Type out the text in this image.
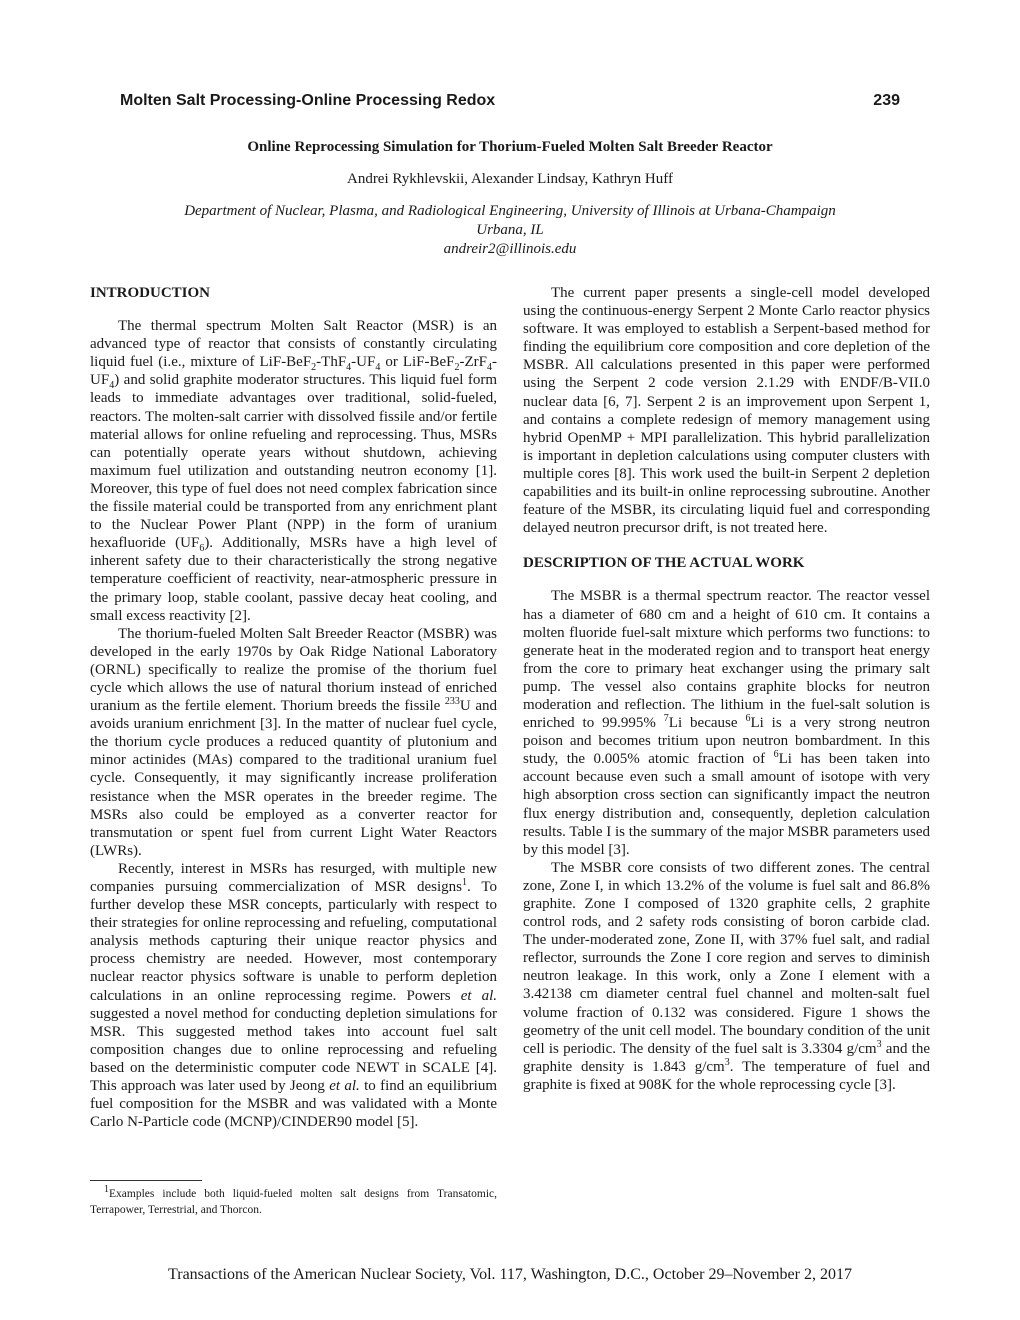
Molten Salt Processing-Online Processing Redox	239

Online Reprocessing Simulation for Thorium-Fueled Molten Salt Breeder Reactor

Andrei Rykhlevskii, Alexander Lindsay, Kathryn Huff
Department of Nuclear, Plasma, and Radiological Engineering, University of Illinois at Urbana-Champaign
Urbana, IL
andreir2@illinois.edu
INTRODUCTION

The thermal spectrum Molten Salt Reactor (MSR) is an advanced type of reactor that consists of constantly circulating liquid fuel (i.e., mixture of LiF-$BeF_2-ThF_4-UF_4$ or LiF-$BeF_2-ZrF_4-UF_4$) and solid graphite moderator structures. This liquid fuel form leads to immediate advantages over traditional, solid-fueled, reactors. The molten-salt carrier with dissolved fissile and/or fertile material allows for online refueling and reprocessing. Thus, MSRs can potentially operate years without shutdown, achieving maximum fuel utilization and outstanding neutron economy [1]. Moreover, this type of fuel does not need complex fabrication since the fissile material could be transported from any enrichment plant to the Nuclear Power Plant (NPP) in the form of uranium hexafluoride $(UF_6)$. Additionally, MSRs have a high level of inherent safety due to their characteristically the strong negative temperature coefficient of reactivity, near-atmospheric pressure in the primary loop, stable coolant, passive decay heat cooling, and small excess reactivity [2].

The thorium-fueled Molten Salt Breeder Reactor (MSBR) was developed in the early 1970s by Oak Ridge National Laboratory (ORNL) specifically to realize the promise of the thorium fuel cycle which allows the use of natural thorium instead of enriched uranium as the fertile element. Thorium breeds the fissile $^{233}$U and avoids uranium enrichment [3]. In the matter of nuclear fuel cycle, the thorium cycle produces a reduced quantity of plutonium and minor actinides (MAs) compared to the traditional uranium fuel cycle. Consequently, it may significantly increase proliferation resistance when the MSR operates in the breeder regime. The MSRs also could be employed as a converter reactor for transmutation or spent fuel from current Light Water Reactors (LWRs).

Recently, interest in MSRs has resurged, with multiple new companies pursuing commercialization of MSR designs$^1$. To further develop these MSR concepts, particularly with respect to their strategies for online reprocessing and refueling, computational analysis methods capturing their unique reactor physics and process chemistry are needed. However, most contemporary nuclear reactor physics software is unable to perform depletion calculations in an online reprocessing regime. Powers et al. suggested a novel method for conducting depletion simulations for MSR. This suggested method takes into account fuel salt composition changes due to online reprocessing and refueling based on the deterministic computer code NEWT in SCALE [4]. This approach was later used by Jeong et al. to find an equilibrium fuel composition for the MSBR and was validated with a Monte Carlo N-Particle code (MCNP)/CINDER90 model [5].

The current paper presents a single-cell model developed using the continuous-energy Serpent 2 Monte Carlo reactor physics software. It was employed to establish a Serpent-based method for finding the equilibrium core composition and core depletion of the MSBR. All calculations presented in this paper were performed using the Serpent 2 code version 2.1.29 with ENDF/B-VII.0 nuclear data [6, 7]. Serpent 2 is an improvement upon Serpent 1, and contains a complete redesign of memory management using hybrid OpenMP + MPI parallelization. This hybrid parallelization is important in depletion calculations using computer clusters with multiple cores [8]. This work used the built-in Serpent 2 depletion capabilities and its built-in online reprocessing subroutine. Another feature of the MSBR, its circulating liquid fuel and corresponding delayed neutron precursor drift, is not treated here.

DESCRIPTION OF THE ACTUAL WORK

The MSBR is a thermal spectrum reactor. The reactor vessel has a diameter of 680 cm and a height of 610 cm. It contains a molten fluoride fuel-salt mixture which performs two functions: to generate heat in the moderated region and to transport heat energy from the core to primary heat exchanger using the primary salt pump. The vessel also contains graphite blocks for neutron moderation and reflection. The lithium in the fuel-salt solution is enriched to 99.995% $^7$Li because $^6$Li is a very strong neutron poison and becomes tritium upon neutron bombardment. In this study, the 0.005% atomic fraction of $^6$Li has been taken into account because even such a small amount of isotope with very high absorption cross section can significantly impact the neutron flux energy distribution and, consequently, depletion calculation results. Table I is the summary of the major MSBR parameters used by this model [3].

The MSBR core consists of two different zones. The central zone, Zone I, in which 13.2% of the volume is fuel salt and 86.8% graphite. Zone I composed of 1320 graphite cells, 2 graphite control rods, and 2 safety rods consisting of boron carbide clad. The under-moderated zone, Zone II, with 37% fuel salt, and radial reflector, surrounds the Zone I core region and serves to diminish neutron leakage. In this work, only a Zone I element with a 3.42138 cm diameter central fuel channel and molten-salt fuel volume fraction of 0.132 was considered. Figure 1 shows the geometry of the unit cell model. The boundary condition of the unit cell is periodic. The density of the fuel salt is 3.3304 $g/cm^3$ and the graphite density is 1.843 $g/cm^3$. The temperature of fuel and graphite is fixed at 908K for the whole reprocessing cycle [3].

$^1$Examples include both liquid-fueled molten salt designs from Transatomic, Terrapower, Terrestrial, and Thorcon.
Transactions of the American Nuclear Society, Vol. 117, Washington, D.C., October 29–November 2, 2017
